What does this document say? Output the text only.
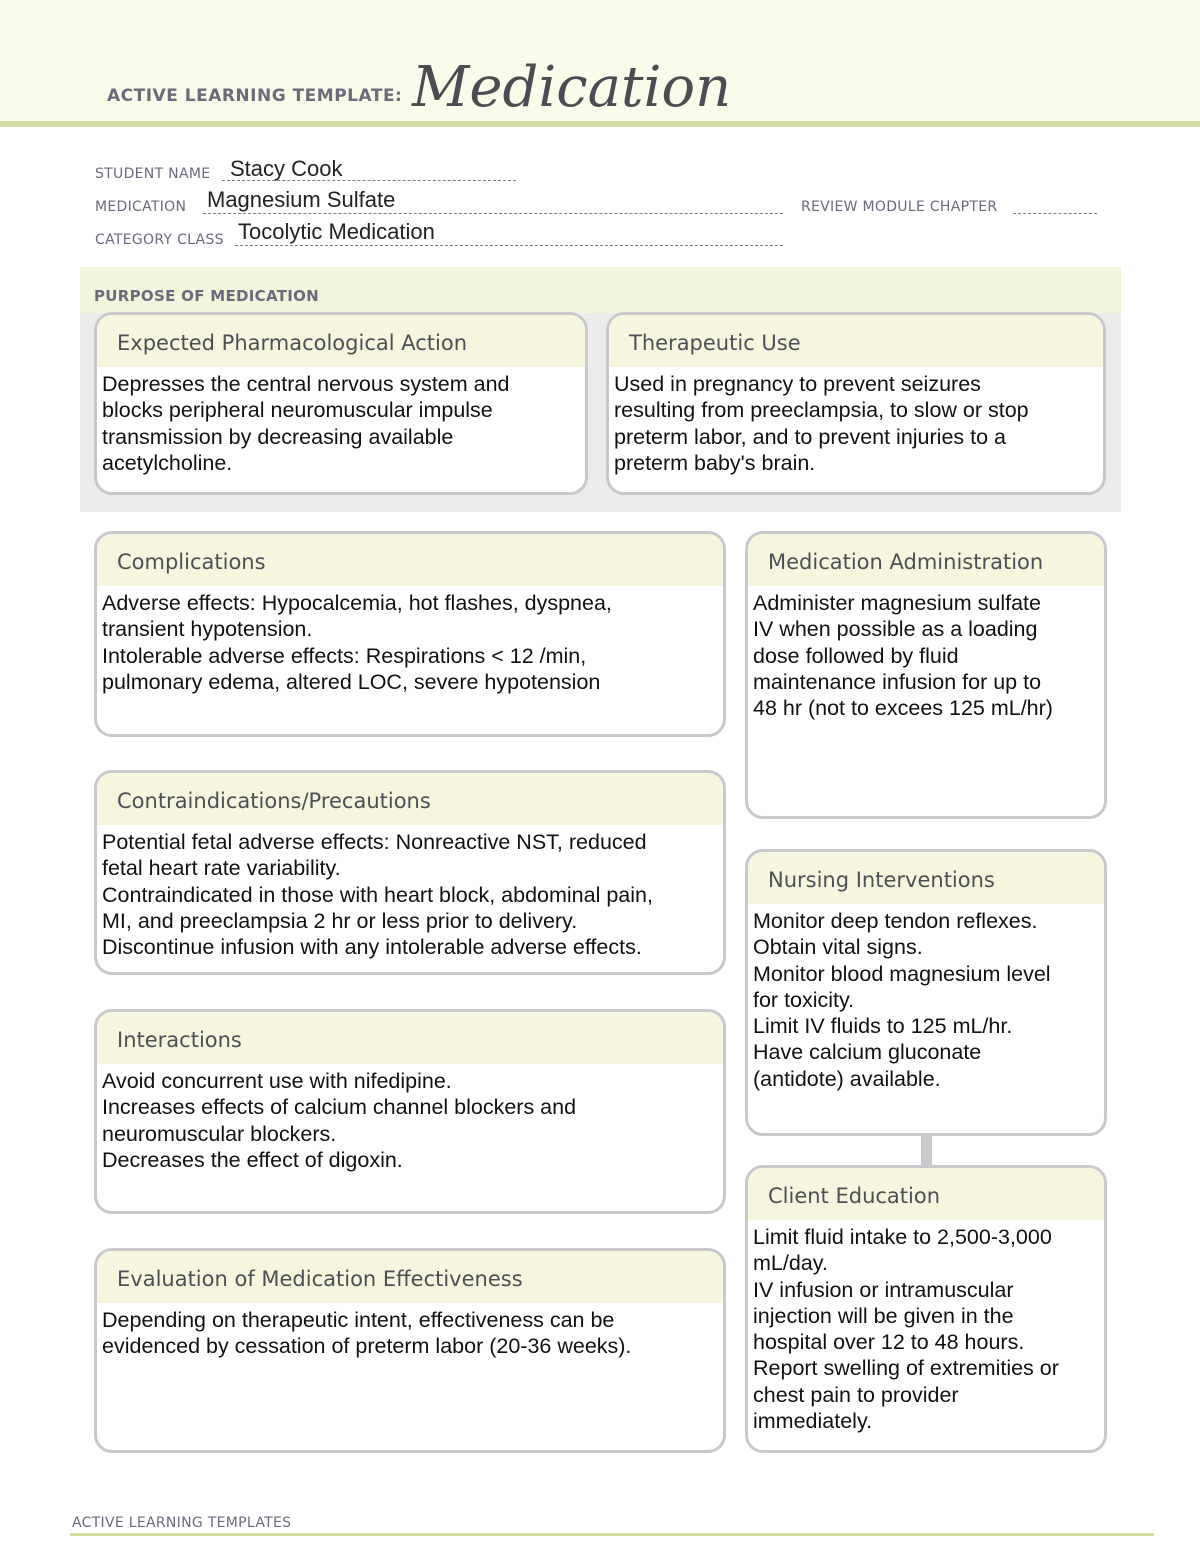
ACTIVE LEARNING TEMPLATE: Medication
STUDENT NAME Stacy Cook
MEDICATION Magnesium Sulfate	REVIEW MODULE CHAPTER
CATEGORY CLASS Tocolytic Medication
PURPOSE OF MEDICATION
Expected Pharmacological Action

Depresses the central nervous system and

blocks peripheral neuromuscular impulse

transmission by decreasing available

acetylcholine.

Therapeutic Use

Used in pregnancy to prevent seizures

resulting from preeclampsia, to slow or stop

preterm labor, and to prevent injuries to a

preterm baby's brain.

Complications

Adverse effects: Hypocalcemia, hot flashes, dyspnea,

transient hypotension.

Intolerable adverse effects: Respirations < 12 /min,

pulmonary edema, altered LOC, severe hypotension

Contraindications/Precautions

Potential fetal adverse effects: Nonreactive NST, reduced

fetal heart rate variability.

Contraindicated in those with heart block, abdominal pain,

MI, and preeclampsia 2 hr or less prior to delivery.

Discontinue infusion with any intolerable adverse effects.

Interactions

Avoid concurrent use with nifedipine.

Increases effects of calcium channel blockers and

neuromuscular blockers.

Decreases the effect of digoxin.

Evaluation of Medication Effectiveness

Depending on therapeutic intent, effectiveness can be

evidenced by cessation of preterm labor (20-36 weeks).

Medication Administration

Administer magnesium sulfate

IV when possible as a loading

dose followed by fluid

maintenance infusion for up to

48 hr (not to excees 125 mL/hr)

Nursing Interventions

Monitor deep tendon reflexes.

Obtain vital signs.

Monitor blood magnesium level

for toxicity.

Limit IV fluids to 125 mL/hr.

Have calcium gluconate

(antidote) available.

Client Education

Limit fluid intake to 2,500-3,000

mL/day.

IV infusion or intramuscular

injection will be given in the

hospital over 12 to 48 hours.

Report swelling of extremities or

chest pain to provider

immediately.

ACTIVE LEARNING TEMPLATES
